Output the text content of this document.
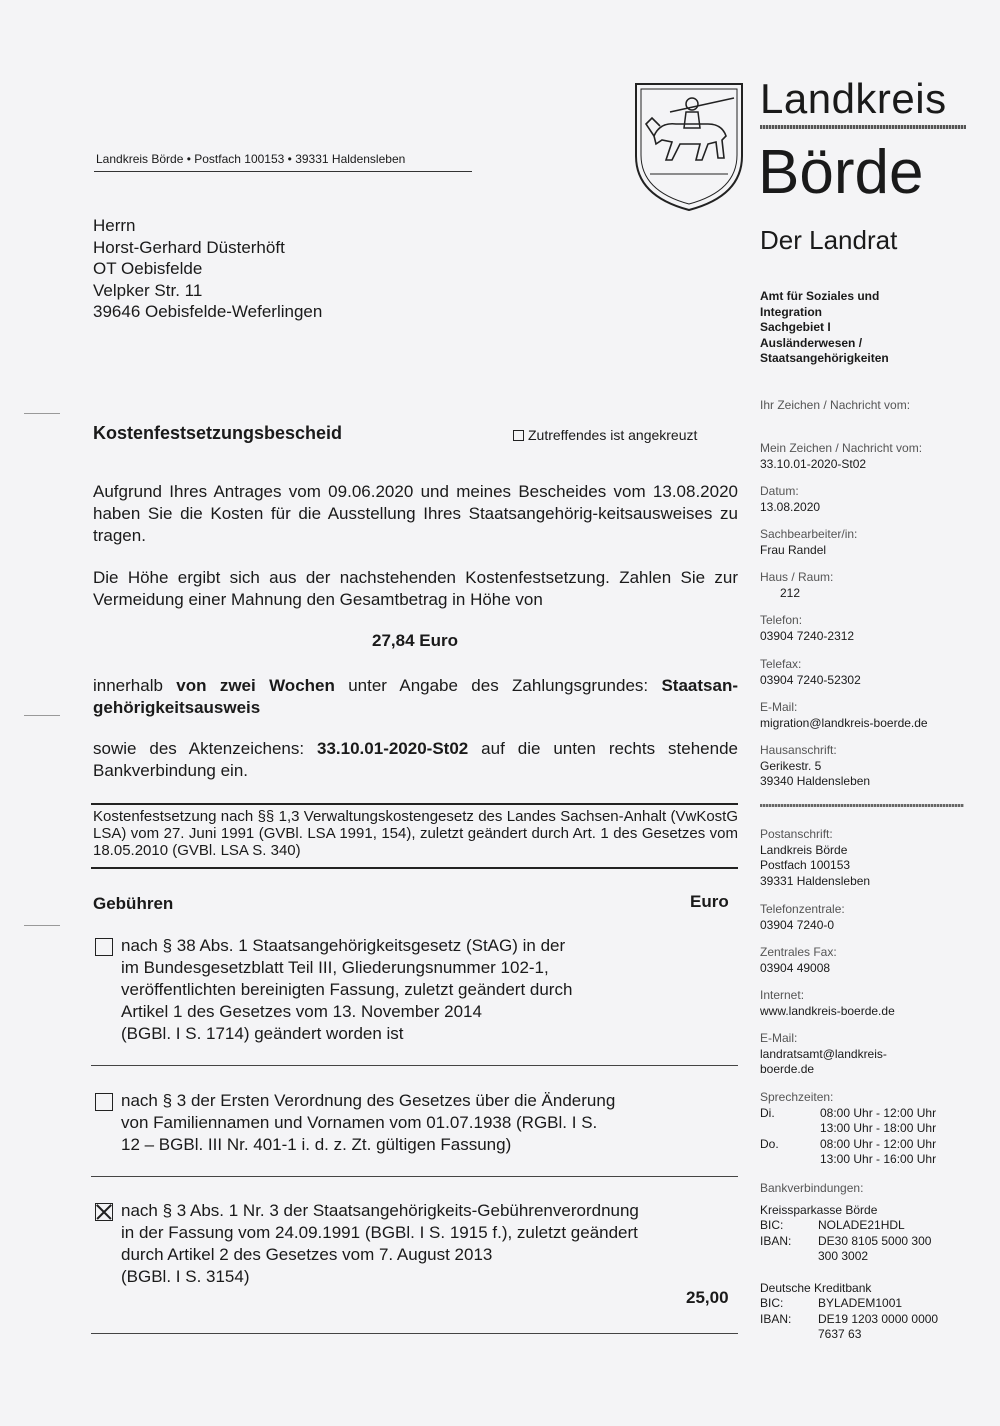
Landkreis Börde • Postfach 100153 • 39331 Haldensleben
Herrn
Horst-Gerhard Düsterhöft
OT Oebisfelde
Velpker Str. 11
39646 Oebisfelde-Weferlingen
Landkreis
Börde
Der Landrat
Amt für Soziales und
Integration
Sachgebiet I
Ausländerwesen /
Staatsangehörigkeiten
Ihr Zeichen / Nachricht vom:
Mein Zeichen / Nachricht vom:
33.10.01-2020-St02
Datum:
13.08.2020
Sachbearbeiter/in:
Frau Randel
Haus / Raum:
212
Telefon:
03904 7240-2312
Telefax:
03904 7240-52302
E-Mail:
migration@landkreis-boerde.de
Hausanschrift:
Gerikestr. 5
39340 Haldensleben
Postanschrift:
Landkreis Börde
Postfach 100153
39331 Haldensleben
Telefonzentrale:
03904 7240-0
Zentrales Fax:
03904 49008
Internet:
www.landkreis-boerde.de
E-Mail:
landratsamt@landkreis-
boerde.de
Sprechzeiten:
Di.	08:00 Uhr - 12:00 Uhr
13:00 Uhr - 18:00 Uhr
Do.	08:00 Uhr - 12:00 Uhr
13:00 Uhr - 16:00 Uhr
Bankverbindungen:
Kreissparkasse Börde
BIC:	NOLADE21HDL
IBAN:	DE30 8105 5000 300
300 3002
Deutsche Kreditbank
BIC:	BYLADEM1001
IBAN:	DE19 1203 0000 0000
7637 63
Kostenfestsetzungsbescheid	Zutreffendes ist angekreuzt
Aufgrund Ihres Antrages vom 09.06.2020 und meines Bescheides vom 13.08.2020 haben Sie die Kosten für die Ausstellung Ihres Staatsangehörig-keitsausweises zu tragen.
Die Höhe ergibt sich aus der nachstehenden Kostenfestsetzung. Zahlen Sie zur Vermeidung einer Mahnung den Gesamtbetrag in Höhe von
27,84 Euro
innerhalb von zwei Wochen unter Angabe des Zahlungsgrundes: Staatsan-gehörigkeitsausweis
sowie des Aktenzeichens: 33.10.01-2020-St02 auf die unten rechts stehende Bankverbindung ein.
Kostenfestsetzung nach §§ 1,3 Verwaltungskostengesetz des Landes Sachsen-Anhalt (VwKostG LSA) vom 27. Juni 1991 (GVBl. LSA 1991, 154), zuletzt geändert durch Art. 1 des Gesetzes vom 18.05.2010 (GVBl. LSA S. 340)
Gebühren	Euro
nach § 38 Abs. 1 Staatsangehörigkeitsgesetz (StAG) in der
im Bundesgesetzblatt Teil III, Gliederungsnummer 102-1,
veröffentlichten bereinigten Fassung, zuletzt geändert durch
Artikel 1 des Gesetzes vom 13. November 2014
(BGBl. I S. 1714) geändert worden ist
nach § 3 der Ersten Verordnung des Gesetzes über die Änderung
von Familiennamen und Vornamen vom 01.07.1938 (RGBl. I S.
12 – BGBl. III Nr. 401-1 i. d. z. Zt. gültigen Fassung)
nach § 3 Abs. 1 Nr. 3 der Staatsangehörigkeits-Gebührenverordnung
in der Fassung vom 24.09.1991 (BGBl. I S. 1915 f.), zuletzt geändert
durch Artikel 2 des Gesetzes vom 7. August 2013
(BGBl. I S. 3154)
25,00
